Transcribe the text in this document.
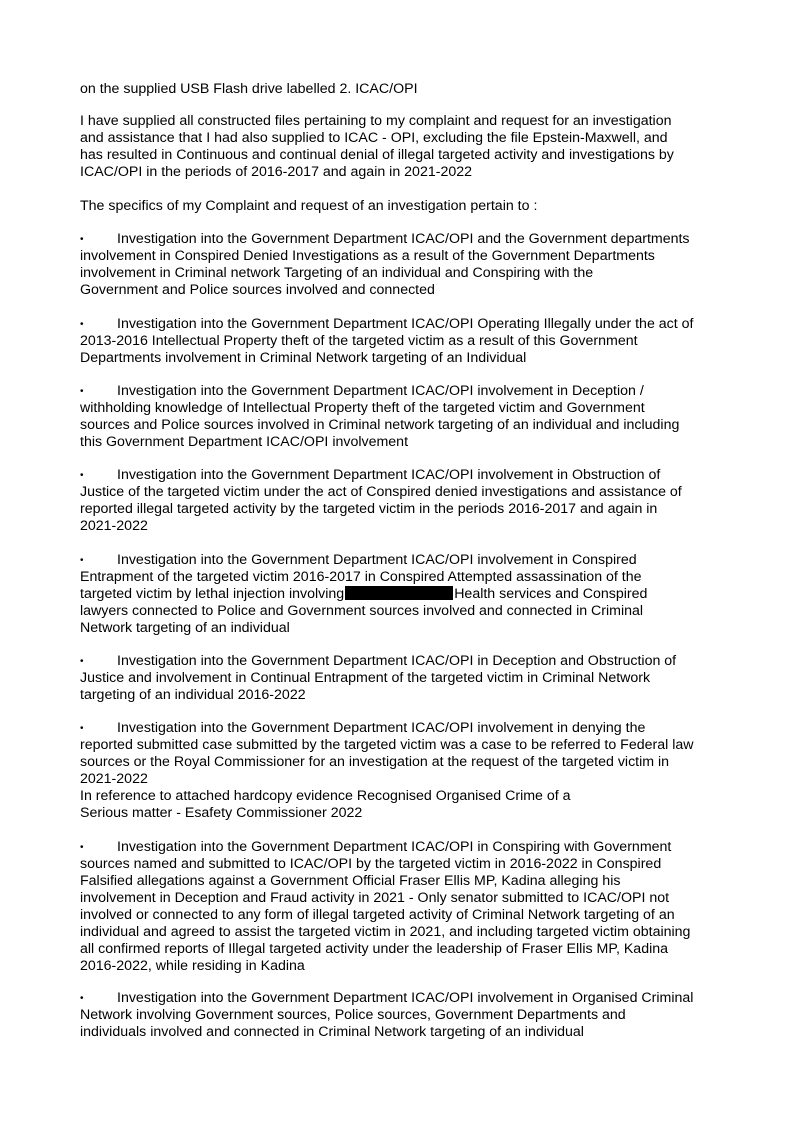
on the supplied USB Flash drive labelled 2. ICAC/OPI

I have supplied all constructed files pertaining to my complaint and request for an investigation
and assistance that I had also supplied to ICAC - OPI, excluding the file Epstein-Maxwell, and
has resulted in Continuous and continual denial of illegal targeted activity and investigations by
ICAC/OPI in the periods of 2016-2017 and again in 2021-2022

The specifics of my Complaint and request of an investigation pertain to :

• Investigation into the Government Department ICAC/OPI and the Government departments
involvement in Conspired Denied Investigations as a result of the Government Departments
involvement in Criminal network Targeting of an individual and Conspiring with the
Government and Police sources involved and connected
• Investigation into the Government Department ICAC/OPI Operating Illegally under the act of
2013-2016 Intellectual Property theft of the targeted victim as a result of this Government
Departments involvement in Criminal Network targeting of an Individual
• Investigation into the Government Department ICAC/OPI involvement in Deception /
withholding knowledge of Intellectual Property theft of the targeted victim and Government
sources and Police sources involved in Criminal network targeting of an individual and including
this Government Department ICAC/OPI involvement
• Investigation into the Government Department ICAC/OPI involvement in Obstruction of
Justice of the targeted victim under the act of Conspired denied investigations and assistance of
reported illegal targeted activity by the targeted victim in the periods 2016-2017 and again in
2021-2022
• Investigation into the Government Department ICAC/OPI involvement in Conspired
Entrapment of the targeted victim 2016-2017 in Conspired Attempted assassination of the
targeted victim by lethal injection involving	Health services and Conspired
lawyers connected to Police and Government sources involved and connected in Criminal
Network targeting of an individual
• Investigation into the Government Department ICAC/OPI in Deception and Obstruction of
Justice and involvement in Continual Entrapment of the targeted victim in Criminal Network
targeting of an individual 2016-2022
• Investigation into the Government Department ICAC/OPI involvement in denying the
reported submitted case submitted by the targeted victim was a case to be referred to Federal law
sources or the Royal Commissioner for an investigation at the request of the targeted victim in
2021-2022
In reference to attached hardcopy evidence Recognised Organised Crime of a
Serious matter - Esafety Commissioner 2022
• Investigation into the Government Department ICAC/OPI in Conspiring with Government
sources named and submitted to ICAC/OPI by the targeted victim in 2016-2022 in Conspired
Falsified allegations against a Government Official Fraser Ellis MP, Kadina alleging his
involvement in Deception and Fraud activity in 2021 - Only senator submitted to ICAC/OPI not
involved or connected to any form of illegal targeted activity of Criminal Network targeting of an
individual and agreed to assist the targeted victim in 2021, and including targeted victim obtaining
all confirmed reports of Illegal targeted activity under the leadership of Fraser Ellis MP, Kadina
2016-2022, while residing in Kadina
• Investigation into the Government Department ICAC/OPI involvement in Organised Criminal
Network involving Government sources, Police sources, Government Departments and
individuals involved and connected in Criminal Network targeting of an individual
